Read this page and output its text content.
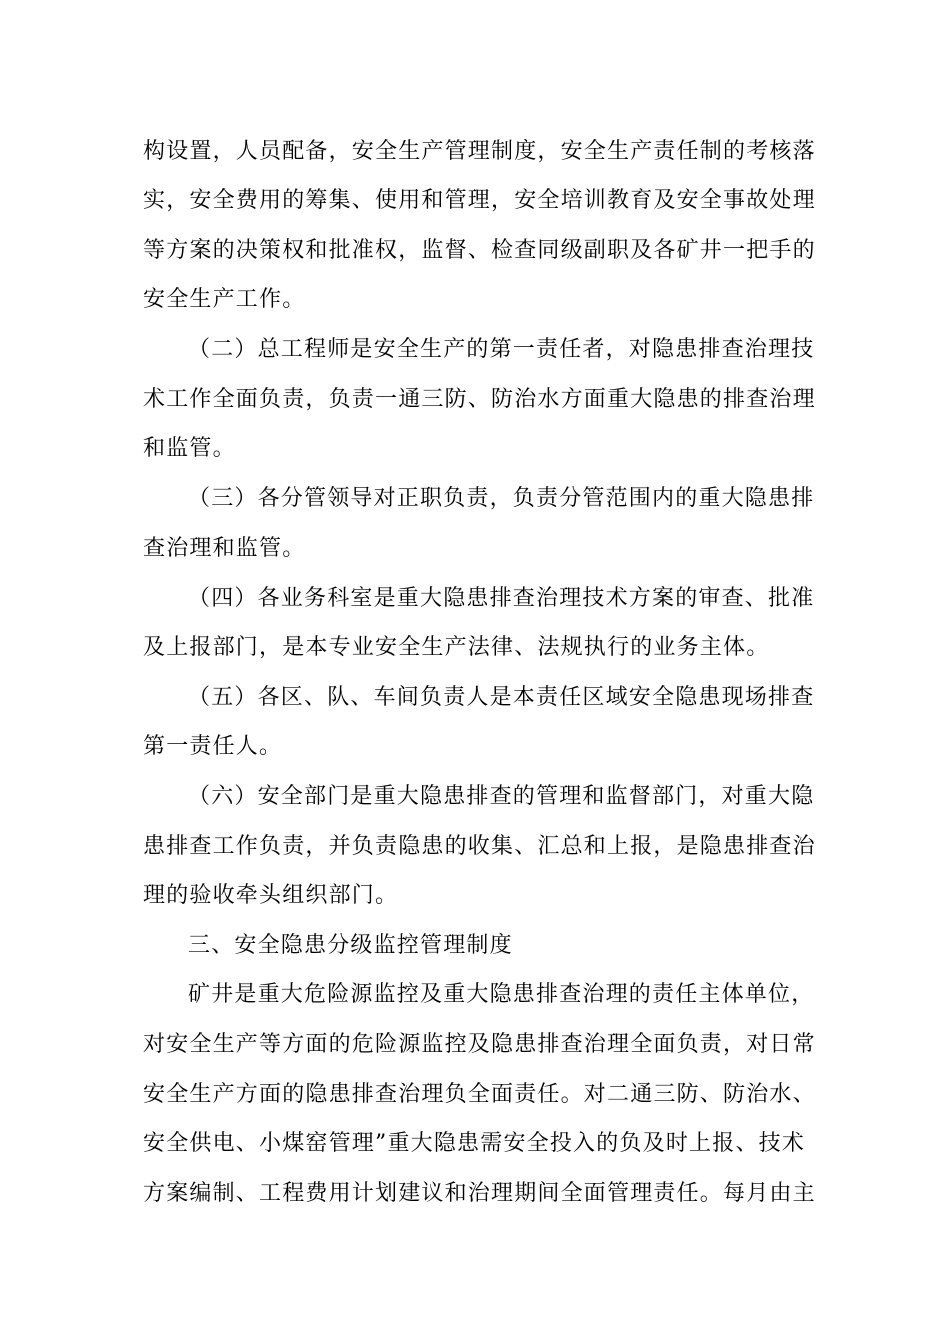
构设置，人员配备，安全生产管理制度，安全生产责任制的考核落
实，安全费用的筹集、使用和管理，安全培训教育及安全事故处理
等方案的决策权和批准权，监督、检查同级副职及各矿井一把手的
安全生产工作。
（二）总工程师是安全生产的第一责任者，对隐患排查治理技
术工作全面负责，负责一通三防、防治水方面重大隐患的排查治理
和监管。
（三）各分管领导对正职负责，负责分管范围内的重大隐患排
查治理和监管。
（四）各业务科室是重大隐患排查治理技术方案的审查、批准
及上报部门，是本专业安全生产法律、法规执行的业务主体。
（五）各区、队、车间负责人是本责任区域安全隐患现场排查
第一责任人。
（六）安全部门是重大隐患排查的管理和监督部门，对重大隐
患排查工作负责，并负责隐患的收集、汇总和上报，是隐患排查治
理的验收牵头组织部门。
三、安全隐患分级监控管理制度
矿井是重大危险源监控及重大隐患排查治理的责任主体单位，
对安全生产等方面的危险源监控及隐患排查治理全面负责，对日常
安全生产方面的隐患排查治理负全面责任。对二通三防、防治水、
安全供电、小煤窑管理”重大隐患需安全投入的负及时上报、技术
方案编制、工程费用计划建议和治理期间全面管理责任。每月由主
